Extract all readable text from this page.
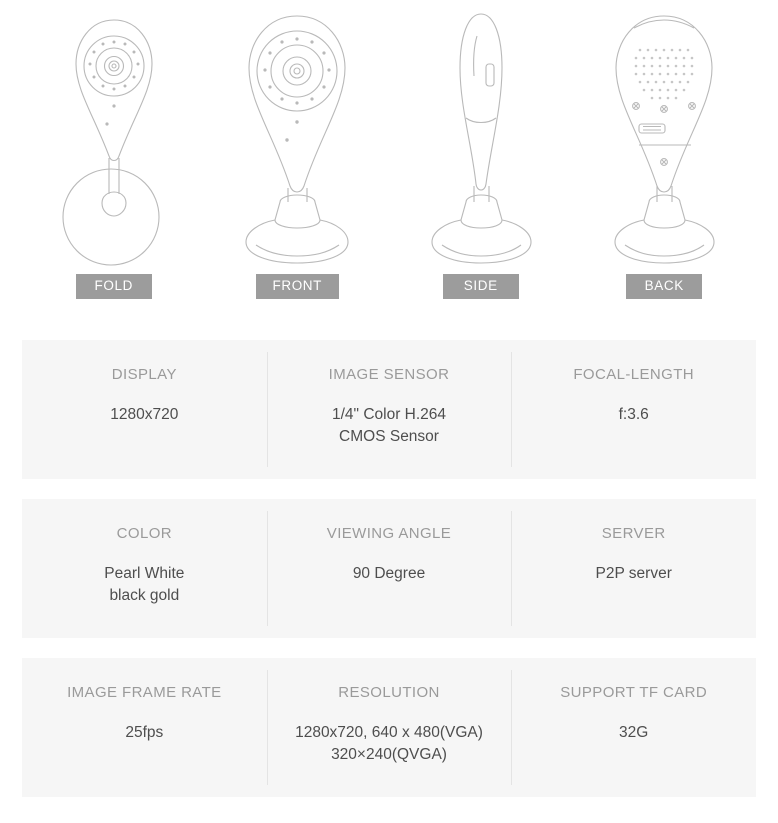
FOLD	FRONT	SIDE	BACK
DISPLAY
1280x720
IMAGE SENSOR
1/4" Color H.264
CMOS Sensor
FOCAL-LENGTH
f:3.6
COLOR
Pearl White
black gold
VIEWING ANGLE
90 Degree
SERVER
P2P server
IMAGE FRAME RATE
25fps
RESOLUTION
1280x720, 640 x 480(VGA)
320×240(QVGA)
SUPPORT TF CARD
32G
